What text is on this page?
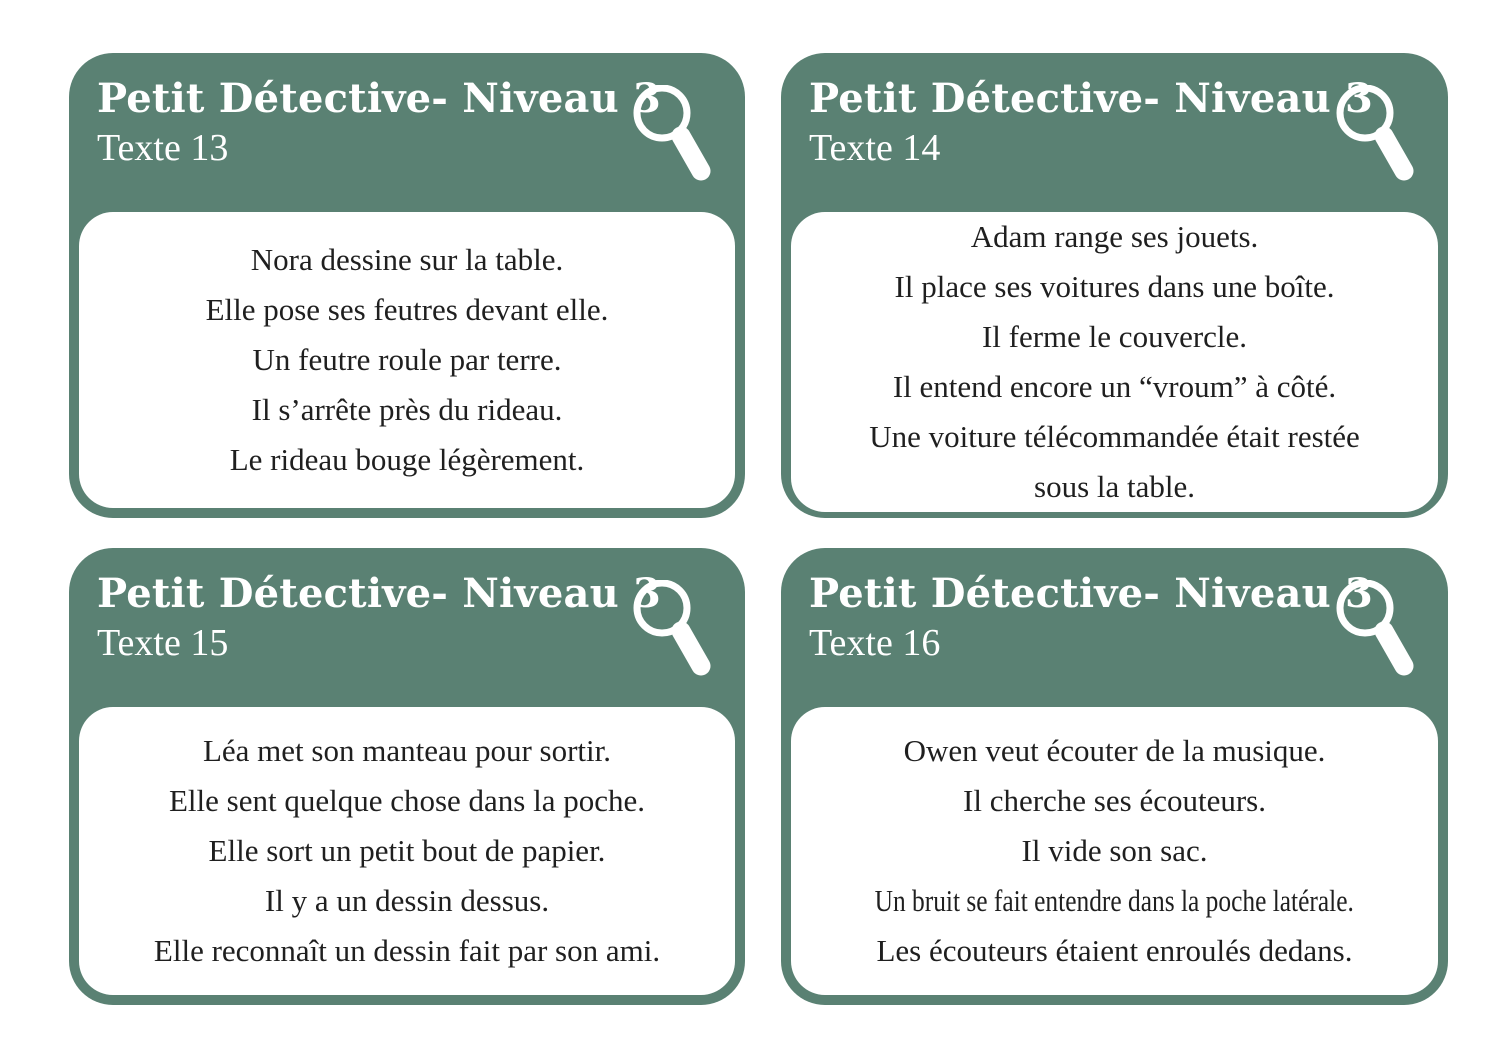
Petit Détective- Niveau 3
Texte 13

Nora dessine sur la table.

Elle pose ses feutres devant elle.

Un feutre roule par terre.

Il s’arrête près du rideau.

Le rideau bouge légèrement.

Petit Détective- Niveau 3
Texte 14

Adam range ses jouets.

Il place ses voitures dans une boîte.

Il ferme le couvercle.

Il entend encore un “vroum” à côté.

Une voiture télécommandée était restée

sous la table.

Petit Détective- Niveau 3
Texte 15

Léa met son manteau pour sortir.

Elle sent quelque chose dans la poche.

Elle sort un petit bout de papier.

Il y a un dessin dessus.

Elle reconnaît un dessin fait par son ami.

Petit Détective- Niveau 3
Texte 16

Owen veut écouter de la musique.

Il cherche ses écouteurs.

Il vide son sac.

Un bruit se fait entendre dans la poche latérale.

Les écouteurs étaient enroulés dedans.
